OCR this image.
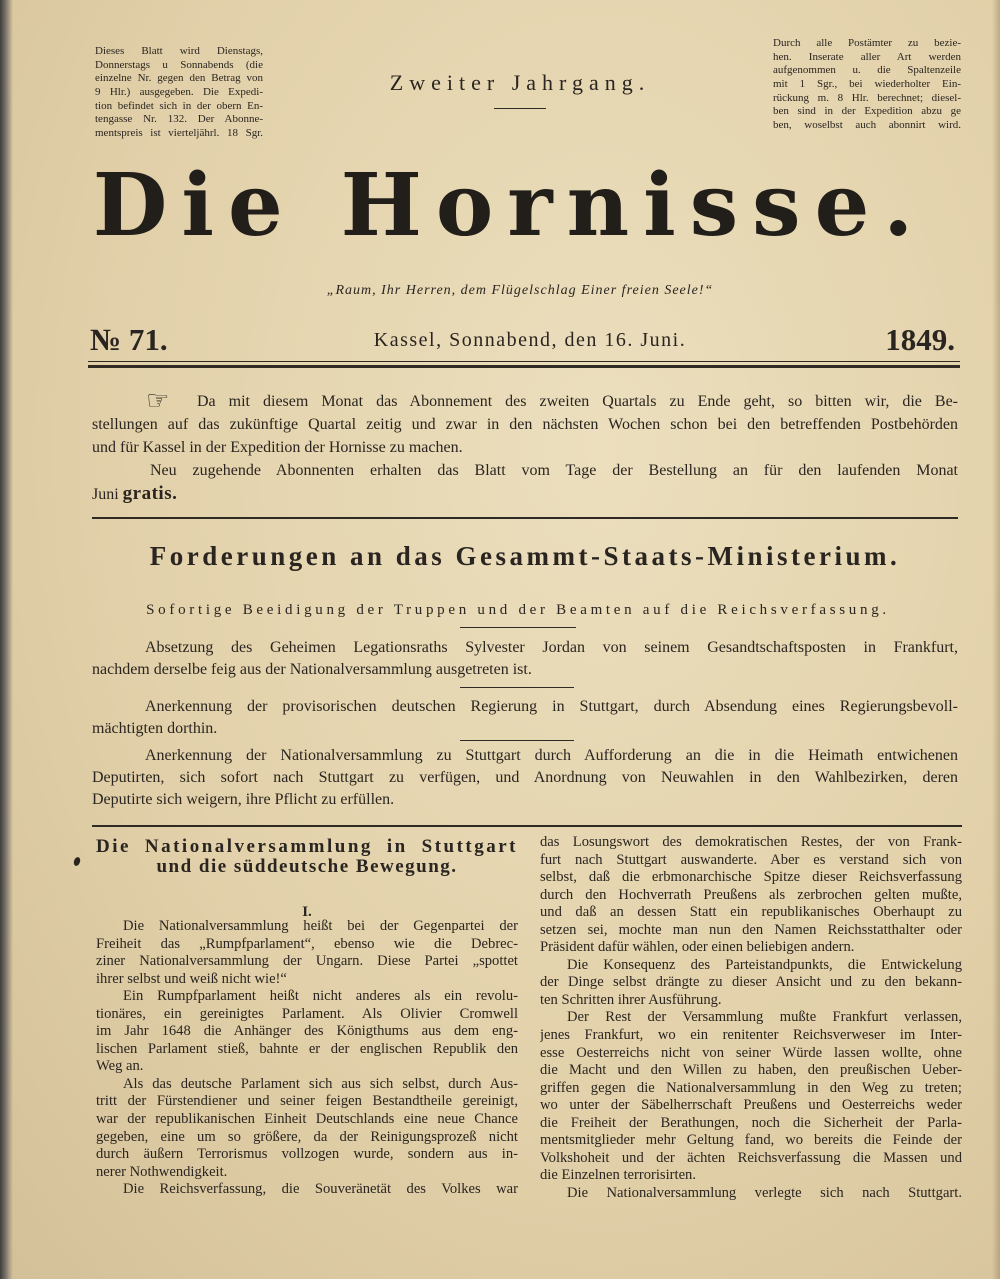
Dieses Blatt wird Dienstags,
Donnerstags u Sonnabends (die
einzelne Nr. gegen den Betrag von
9 Hlr.) ausgegeben. Die Expedi-
tion befindet sich in der obern En-
tengasse Nr. 132. Der Abonne-
mentspreis ist vierteljährl. 18 Sgr.
Zweiter Jahrgang.
Durch alle Postämter zu bezie-
hen. Inserate aller Art werden
aufgenommen u. die Spaltenzeile
mit 1 Sgr., bei wiederholter Ein-
rückung m. 8 Hlr. berechnet; diesel-
ben sind in der Expedition abzu ge
ben, woselbst auch abonnirt wird.
Die Hornisse.
„Raum, Ihr Herren, dem Flügelschlag Einer freien Seele!“
№ 71.	Kassel, Sonnabend, den 16. Juni.	1849.
☞ Da mit diesem Monat das Abonnement des zweiten Quartals zu Ende geht, so bitten wir, die Be-
stellungen auf das zukünftige Quartal zeitig und zwar in den nächsten Wochen schon bei den betreffenden Postbehörden
und für Kassel in der Expedition der Hornisse zu machen.
Neu zugehende Abonnenten erhalten das Blatt vom Tage der Bestellung an für den laufenden Monat
Juni gratis.
Forderungen an das Gesammt-Staats-Ministerium.
Sofortige Beeidigung der Truppen und der Beamten auf die Reichsverfassung.
Absetzung des Geheimen Legationsraths Sylvester Jordan von seinem Gesandtschaftsposten in Frankfurt,
nachdem derselbe feig aus der Nationalversammlung ausgetreten ist.
Anerkennung der provisorischen deutschen Regierung in Stuttgart, durch Absendung eines Regierungsbevoll-
mächtigten dorthin.
Anerkennung der Nationalversammlung zu Stuttgart durch Aufforderung an die in die Heimath entwichenen
Deputirten, sich sofort nach Stuttgart zu verfügen, und Anordnung von Neuwahlen in den Wahlbezirken, deren
Deputirte sich weigern, ihre Pflicht zu erfüllen.
Die Nationalversammlung in Stuttgart
und die süddeutsche Bewegung.
I.
Die Nationalversammlung heißt bei der Gegenpartei der
Freiheit das „Rumpfparlament“, ebenso wie die Debrec-
ziner Nationalversammlung der Ungarn. Diese Partei „spottet
ihrer selbst und weiß nicht wie!“
Ein Rumpfparlament heißt nicht anderes als ein revolu-
tionäres, ein gereinigtes Parlament. Als Olivier Cromwell
im Jahr 1648 die Anhänger des Königthums aus dem eng-
lischen Parlament stieß, bahnte er der englischen Republik den
Weg an.
Als das deutsche Parlament sich aus sich selbst, durch Aus-
tritt der Fürstendiener und seiner feigen Bestandtheile gereinigt,
war der republikanischen Einheit Deutschlands eine neue Chance
gegeben, eine um so größere, da der Reinigungsprozeß nicht
durch äußern Terrorismus vollzogen wurde, sondern aus in-
nerer Nothwendigkeit.
Die Reichsverfassung, die Souveränetät des Volkes war
das Losungswort des demokratischen Restes, der von Frank-
furt nach Stuttgart auswanderte. Aber es verstand sich von
selbst, daß die erbmonarchische Spitze dieser Reichsverfassung
durch den Hochverrath Preußens als zerbrochen gelten mußte,
und daß an dessen Statt ein republikanisches Oberhaupt zu
setzen sei, mochte man nun den Namen Reichsstatthalter oder
Präsident dafür wählen, oder einen beliebigen andern.
Die Konsequenz des Parteistandpunkts, die Entwickelung
der Dinge selbst drängte zu dieser Ansicht und zu den bekann-
ten Schritten ihrer Ausführung.
Der Rest der Versammlung mußte Frankfurt verlassen,
jenes Frankfurt, wo ein renitenter Reichsverweser im Inter-
esse Oesterreichs nicht von seiner Würde lassen wollte, ohne
die Macht und den Willen zu haben, den preußischen Ueber-
griffen gegen die Nationalversammlung in den Weg zu treten;
wo unter der Säbelherrschaft Preußens und Oesterreichs weder
die Freiheit der Berathungen, noch die Sicherheit der Parla-
mentsmitglieder mehr Geltung fand, wo bereits die Feinde der
Volkshoheit und der ächten Reichsverfassung die Massen und
die Einzelnen terrorisirten.
Die Nationalversammlung verlegte sich nach Stuttgart.
